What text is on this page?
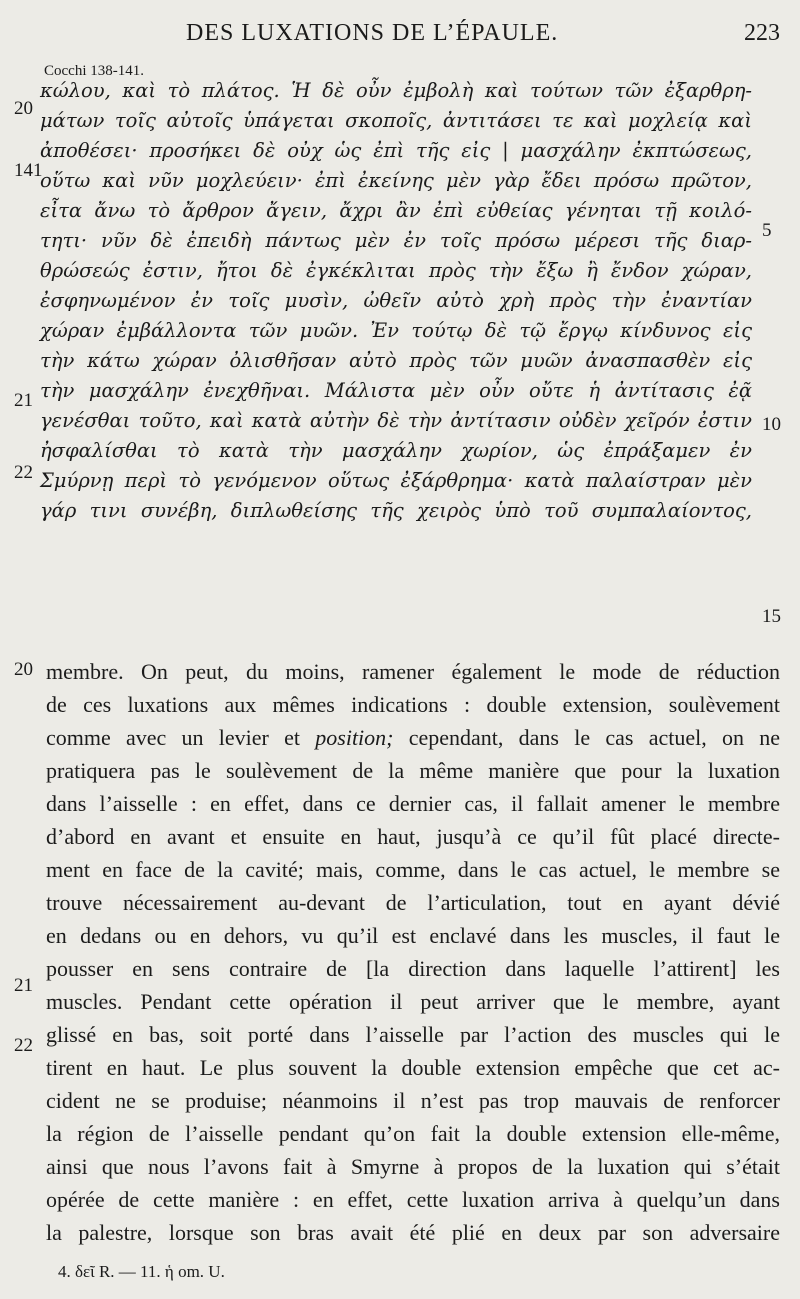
DES LUXATIONS DE L’ÉPAULE.	223
Cocchi 138-141.
κώλου, καὶ τὸ πλάτος. Ἡ δὲ οὖν ἐμβολὴ καὶ τούτων τῶν ἐξαρθρη-
μάτων τοῖς αὐτοῖς ὑπάγεται σκοποῖς, ἀντιτάσει τε καὶ μοχλείᾳ καὶ
ἀποθέσει· προσήκει δὲ οὐχ ὡς ἐπὶ τῆς εἰς | μασχάλην ἐκπτώσεως,
οὕτω καὶ νῦν μοχλεύειν· ἐπὶ ἐκείνης μὲν γὰρ ἔδει πρόσω πρῶτον,
εἶτα ἄνω τὸ ἄρθρον ἄγειν, ἄχρι ἂν ἐπὶ εὐθείας γένηται τῇ κοιλό-
τητι· νῦν δὲ ἐπειδὴ πάντως μὲν ἐν τοῖς πρόσω μέρεσι τῆς διαρ-
θρώσεώς ἐστιν, ἤτοι δὲ ἐγκέκλιται πρὸς τὴν ἔξω ἢ ἔνδον χώραν,
ἐσφηνωμένον ἐν τοῖς μυσὶν, ὠθεῖν αὐτὸ χρὴ πρὸς τὴν ἐναντίαν
χώραν ἐμβάλλοντα τῶν μυῶν. Ἐν τούτῳ δὲ τῷ ἔργῳ κίνδυνος εἰς
τὴν κάτω χώραν ὀλισθῆσαν αὐτὸ πρὸς τῶν μυῶν ἀνασπασθὲν εἰς
τὴν μασχάλην ἐνεχθῆναι. Μάλιστα μὲν οὖν οὔτε ἡ ἀντίτασις ἐᾷ
γενέσθαι τοῦτο, καὶ κατὰ αὐτὴν δὲ τὴν ἀντίτασιν οὐδὲν χεῖρόν ἐστιν
ἠσφαλίσθαι τὸ κατὰ τὴν μασχάλην χωρίον, ὡς ἐπράξαμεν ἐν
Σμύρνῃ περὶ τὸ γενόμενον οὕτως ἐξάρθρημα· κατὰ παλαίστραν μὲν
γάρ τινι συνέβη, διπλωθείσης τῆς χειρὸς ὑπὸ τοῦ συμπαλαίοντος,
20
141
21
22
5
10
15
membre. On peut, du moins, ramener également le mode de réduction
de ces luxations aux mêmes indications : double extension, soulèvement
comme avec un levier et position; cependant, dans le cas actuel, on ne
pratiquera pas le soulèvement de la même manière que pour la luxation
dans l’aisselle : en effet, dans ce dernier cas, il fallait amener le membre
d’abord en avant et ensuite en haut, jusqu’à ce qu’il fût placé directe-
ment en face de la cavité; mais, comme, dans le cas actuel, le membre se
trouve nécessairement au-devant de l’articulation, tout en ayant dévié
en dedans ou en dehors, vu qu’il est enclavé dans les muscles, il faut le
pousser en sens contraire de [la direction dans laquelle l’attirent] les
muscles. Pendant cette opération il peut arriver que le membre, ayant
glissé en bas, soit porté dans l’aisselle par l’action des muscles qui le
tirent en haut. Le plus souvent la double extension empêche que cet ac-
cident ne se produise; néanmoins il n’est pas trop mauvais de renforcer
la région de l’aisselle pendant qu’on fait la double extension elle-même,
ainsi que nous l’avons fait à Smyrne à propos de la luxation qui s’était
opérée de cette manière : en effet, cette luxation arriva à quelqu’un dans
la palestre, lorsque son bras avait été plié en deux par son adversaire
20
21
22
4. δεῖ R. — 11. ἡ om. U.
